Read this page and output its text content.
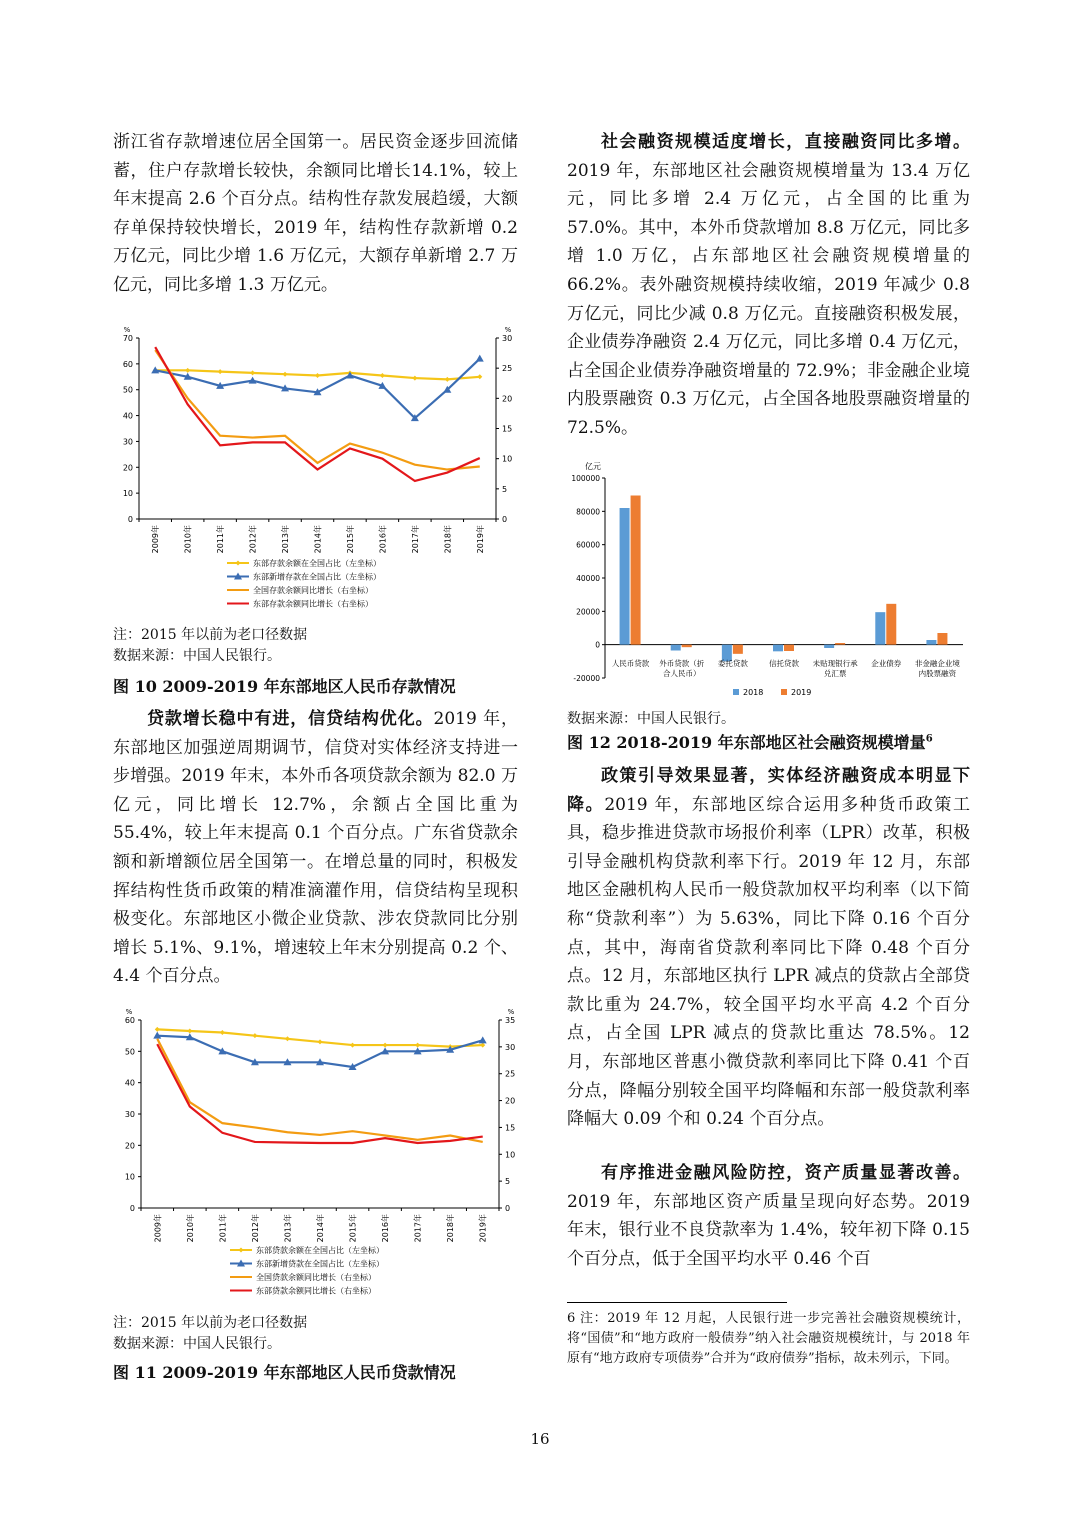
浙江省存款增速位居全国第一。居民资金逐步回流储蓄，住户存款增长较快，余额同比增长14.1%，较上年末提高 2.6 个百分点。结构性存款发展趋缓，大额存单保持较快增长，2019 年，结构性存款新增 0.2 万亿元，同比少增 1.6 万亿元，大额存单新增 2.7 万亿元，同比多增 1.3 万亿元。

%	%
0
10
20
30
40
50
60
70
0
5
10
15
20
25
30
2009年	2010年	2011年	2012年	2013年	2014年	2015年	2016年	2017年	2018年	2019年
东部存款余额在全国占比（左坐标）
东部新增存款在全国占比（左坐标）
全国存款余额同比增长（右坐标）
东部存款余额同比增长（右坐标）

注：2015 年以前为老口径数据

数据来源：中国人民银行。

图 10 2009-2019 年东部地区人民币存款情况

贷款增长稳中有进，信贷结构优化。2019 年，东部地区加强逆周期调节，信贷对实体经济支持进一步增强。2019 年末，本外币各项贷款余额为 82.0 万亿元，同比增长 12.7%，余额占全国比重为 55.4%，较上年末提高 0.1 个百分点。广东省贷款余额和新增额位居全国第一。在增总量的同时，积极发挥结构性货币政策的精准滴灌作用，信贷结构呈现积极变化。东部地区小微企业贷款、涉农贷款同比分别增长 5.1%、9.1%，增速较上年末分别提高 0.2 个、4.4 个百分点。

%	%
0
10
20
30
40
50
60
0
5
10
15
20
25
30
35
2009年	2010年	2011年	2012年	2013年	2014年	2015年	2016年	2017年	2018年	2019年
东部贷款余额在全国占比（左坐标）
东部新增贷款在全国占比（左坐标）
全国贷款余额同比增长（右坐标）
东部贷款余额同比增长（右坐标）

注：2015 年以前为老口径数据

数据来源：中国人民银行。

图 11 2009-2019 年东部地区人民币贷款情况

社会融资规模适度增长，直接融资同比多增。2019 年，东部地区社会融资规模增量为 13.4 万亿元，同比多增 2.4 万亿元，占全国的比重为 57.0%。其中，本外币贷款增加 8.8 万亿元，同比多增 1.0 万亿，占东部地区社会融资规模增量的 66.2%。表外融资规模持续收缩，2019 年减少 0.8 万亿元，同比少减 0.8 万亿元。直接融资积极发展，企业债券净融资 2.4 万亿元，同比多增 0.4 万亿元，占全国企业债券净融资增量的 72.9%；非金融企业境内股票融资 0.3 万亿元，占全国各地股票融资增量的 72.5%。

亿元
-20000
0
20000
40000
60000
80000
100000
人民币贷款 外币贷款（折
合人民币）
委托贷款	信托贷款 未贴现银行承
兑汇票
企业债券 非金融企业境
内股票融资
2018	2019

数据来源：中国人民银行。

图 12 2018-2019 年东部地区社会融资规模增量$^6$

政策引导效果显著，实体经济融资成本明显下降。2019 年，东部地区综合运用多种货币政策工具，稳步推进贷款市场报价利率（LPR）改革，积极引导金融机构贷款利率下行。2019 年 12 月，东部地区金融机构人民币一般贷款加权平均利率（以下简称“贷款利率”）为 5.63%，同比下降 0.16 个百分点，其中，海南省贷款利率同比下降 0.48 个百分点。12 月，东部地区执行 LPR 减点的贷款占全部贷款比重为 24.7%，较全国平均水平高 4.2 个百分点，占全国 LPR 减点的贷款比重达 78.5%。12 月，东部地区普惠小微贷款利率同比下降 0.41 个百分点，降幅分别较全国平均降幅和东部一般贷款利率降幅大 0.09 个和 0.24 个百分点。

有序推进金融风险防控，资产质量显著改善。2019 年，东部地区资产质量呈现向好态势。2019 年末，银行业不良贷款率为 1.4%，较年初下降 0.15 个百分点，低于全国平均水平 0.46 个百

6 注：2019 年 12 月起，人民银行进一步完善社会融资规模统计，将“国债”和“地方政府一般债券”纳入社会融资规模统计，与 2018 年原有“地方政府专项债券”合并为“政府债券”指标，故未列示，下同。

16
